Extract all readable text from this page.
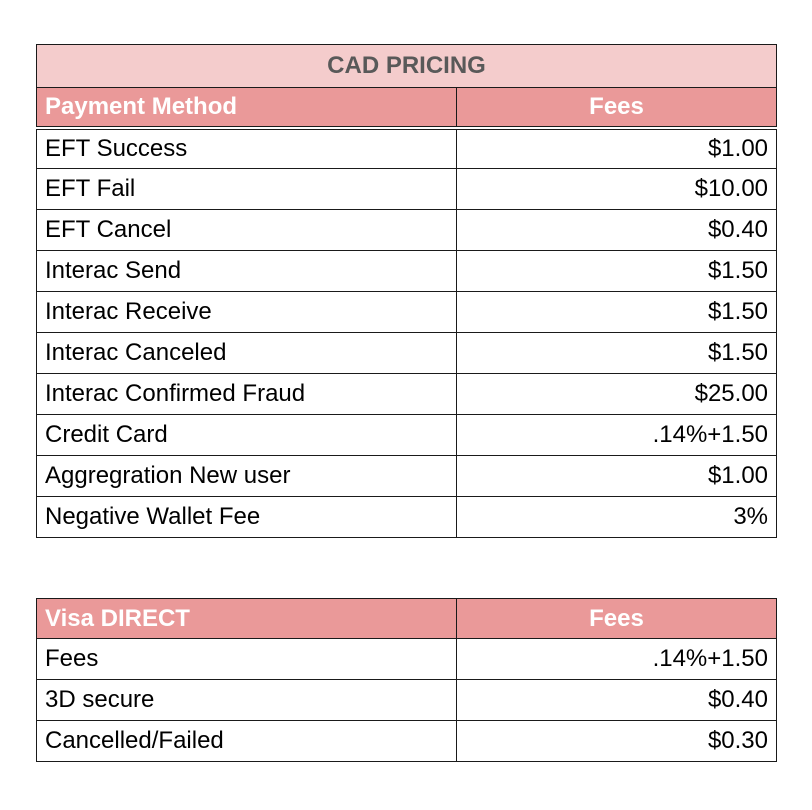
CAD PRICING	
Payment Method	Fees
EFT Success	$1.00
EFT Fail	$10.00
EFT Cancel	$0.40
Interac Send	$1.50
Interac Receive	$1.50
Interac Canceled	$1.50
Interac Confirmed Fraud	$25.00
Credit Card	.14%+1.50
Aggregration New user	$1.00
Negative Wallet Fee	3%
Visa DIRECT	Fees
Fees	.14%+1.50
3D secure	$0.40
Cancelled/Failed	$0.30
